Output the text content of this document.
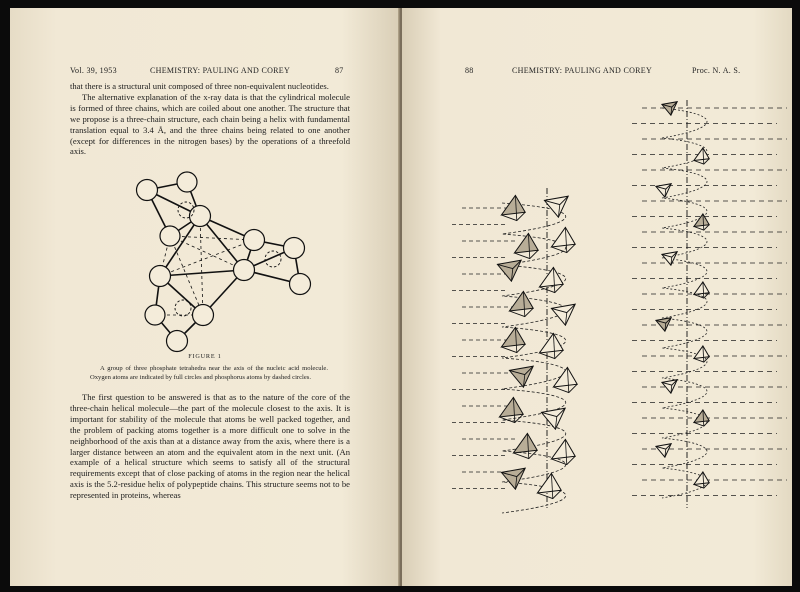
Vol. 39, 1953	CHEMISTRY: PAULING AND COREY	87

that there is a structural unit composed of three non-equivalent nucleotides.

The alternative explanation of the x-ray data is that the cylindrical molecule is formed of three chains, which are coiled about one another. The structure that we propose is a three-chain structure, each chain being a helix with fundamental translation equal to 3.4 Å, and the three chains being related to one another (except for differences in the nitrogen bases) by the operations of a threefold axis.

FIGURE 1
A group of three phosphate tetrahedra near the axis of the nucleic acid molecule. Oxygen atoms are indicated by full circles and phosphorus atoms by dashed circles.
The first question to be answered is that as to the nature of the core of the three-chain helical molecule—the part of the molecule closest to the axis. It is important for stability of the molecule that atoms be well packed together, and the problem of packing atoms together is a more difficult one to solve in the neighborhood of the axis than at a distance away from the axis, where there is a larger distance between an atom and the equivalent atom in the next unit. (An example of a helical structure which seems to satisfy all of the structural requirements except that of close packing of atoms in the region near the helical axis is the 5.2-residue helix of polypeptide chains. This structure seems not to be represented in proteins, whereas
88	CHEMISTRY: PAULING AND COREY	Proc. N. A. S.
